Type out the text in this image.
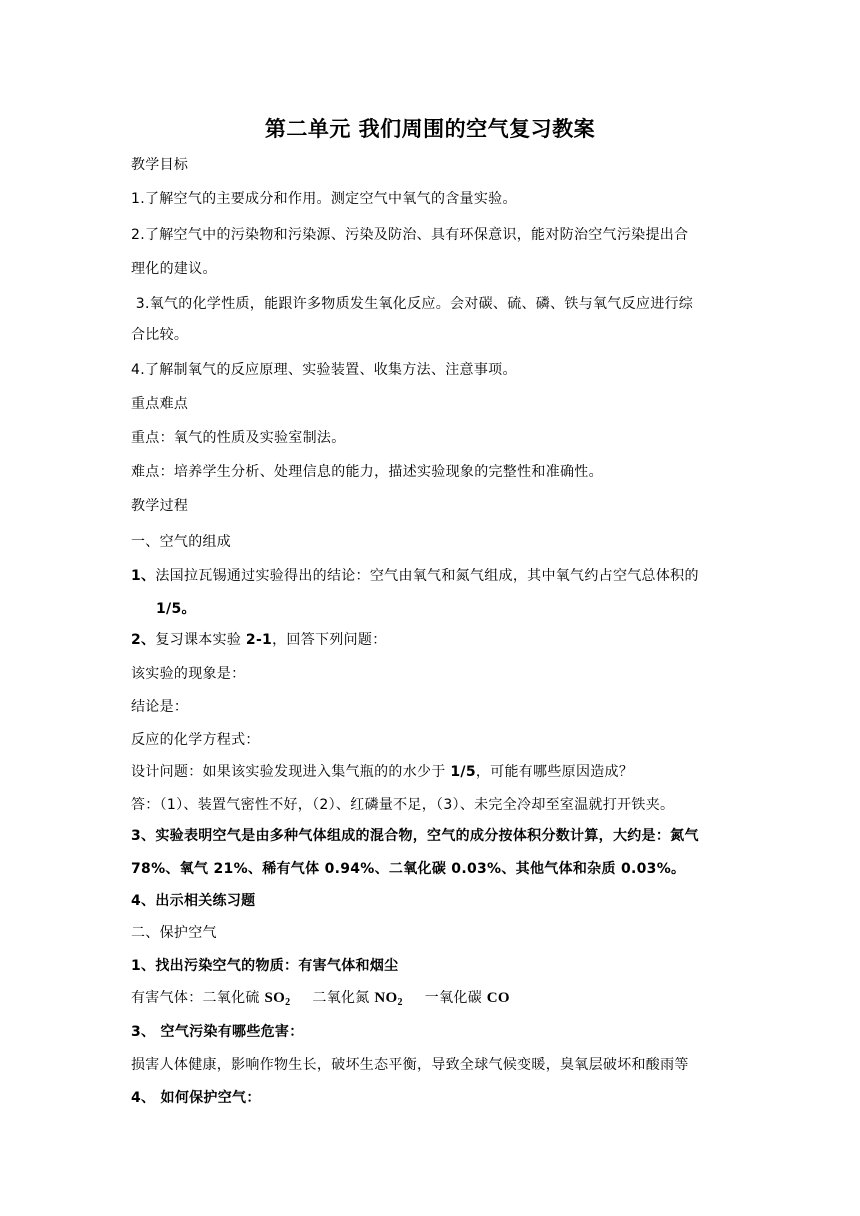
第二单元 我们周围的空气复习教案
教学目标
1.了解空气的主要成分和作用。测定空气中氧气的含量实验。
2.了解空气中的污染物和污染源、污染及防治、具有环保意识，能对防治空气污染提出合
理化的建议。
3.氧气的化学性质，能跟许多物质发生氧化反应。会对碳、硫、磷、铁与氧气反应进行综
合比较。
4.了解制氧气的反应原理、实验装置、收集方法、注意事项。
重点难点
重点：氧气的性质及实验室制法。
难点：培养学生分析、处理信息的能力，描述实验现象的完整性和准确性。
教学过程
一、空气的组成
1、法国拉瓦锡通过实验得出的结论：空气由氧气和氮气组成，其中氧气约占空气总体积的
1/5。
2、复习课本实验 2-1，回答下列问题：
该实验的现象是：
结论是：
反应的化学方程式：
设计问题：如果该实验发现进入集气瓶的的水少于 1/5，可能有哪些原因造成？
答：（1）、装置气密性不好，（2）、红磷量不足，（3）、未完全冷却至室温就打开铁夹。
3、实验表明空气是由多种气体组成的混合物，空气的成分按体积分数计算，大约是：氮气
78%、氧气 21%、稀有气体 0.94%、二氧化碳 0.03%、其他气体和杂质 0.03%。
4、出示相关练习题
二、保护空气
1、找出污染空气的物质：有害气体和烟尘
有害气体：二氧化硫 $SO_2$ 二氧化氮 $NO_2$ 一氧化碳 CO
3、 空气污染有哪些危害：
损害人体健康，影响作物生长，破坏生态平衡，导致全球气候变暖，臭氧层破坏和酸雨等
4、 如何保护空气：
